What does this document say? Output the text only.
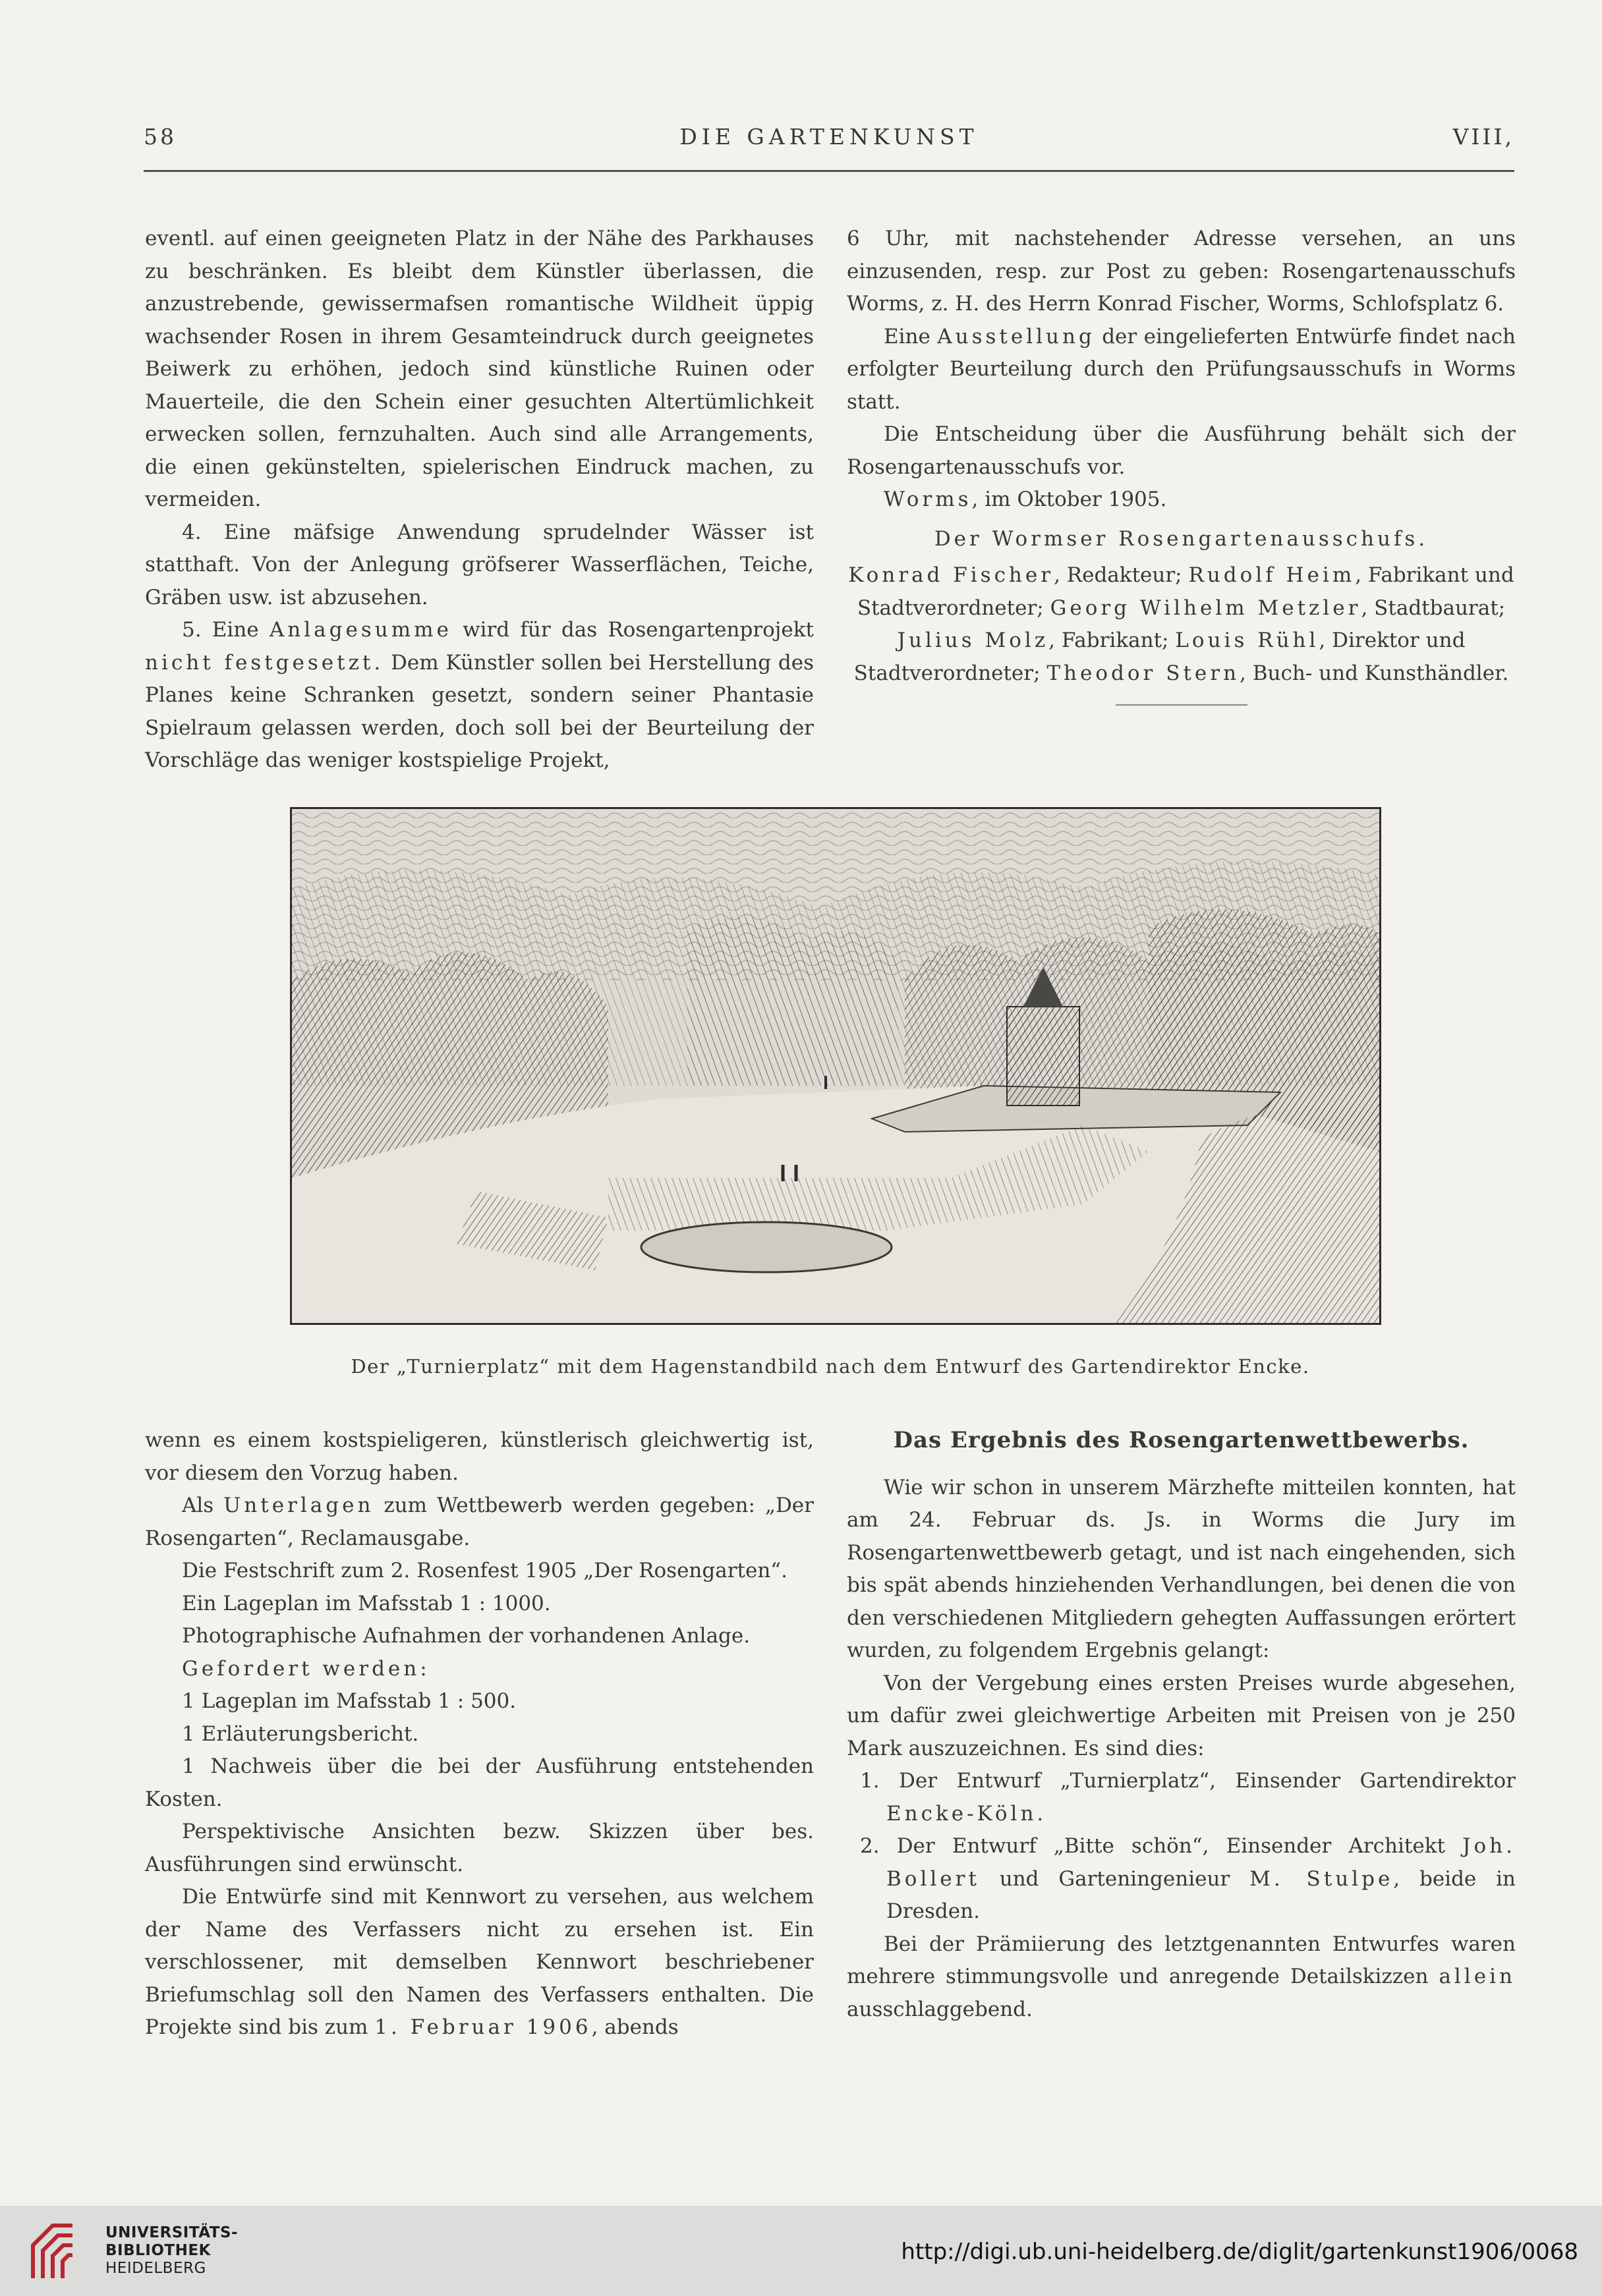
58	DIE GARTENKUNST	VIII,

eventl. auf einen geeigneten Platz in der Nähe des Parkhauses zu beschränken. Es bleibt dem Künstler überlassen, die anzustrebende, gewissermafsen romantische Wildheit üppig wachsender Rosen in ihrem Gesamteindruck durch geeignetes Beiwerk zu erhöhen, jedoch sind künstliche Ruinen oder Mauerteile, die den Schein einer gesuchten Altertümlichkeit erwecken sollen, fernzuhalten. Auch sind alle Arrangements, die einen gekünstelten, spielerischen Eindruck machen, zu vermeiden.

4. Eine mäfsige Anwendung sprudelnder Wässer ist statthaft. Von der Anlegung gröfserer Wasserflächen, Teiche, Gräben usw. ist abzusehen.

5. Eine Anlagesumme wird für das Rosengartenprojekt nicht festgesetzt. Dem Künstler sollen bei Herstellung des Planes keine Schranken gesetzt, sondern seiner Phantasie Spielraum gelassen werden, doch soll bei der Beurteilung der Vorschläge das weniger kostspielige Projekt,

6 Uhr, mit nachstehender Adresse versehen, an uns einzusenden, resp. zur Post zu geben: Rosengartenausschufs Worms, z. H. des Herrn Konrad Fischer, Worms, Schlofsplatz 6.

Eine Ausstellung der eingelieferten Entwürfe findet nach erfolgter Beurteilung durch den Prüfungsausschufs in Worms statt.

Die Entscheidung über die Ausführung behält sich der Rosengartenausschufs vor.

Worms, im Oktober 1905.

Der Wormser Rosengartenausschufs.

Konrad Fischer, Redakteur; Rudolf Heim, Fabrikant und Stadtverordneter; Georg Wilhelm Metzler, Stadtbaurat; Julius Molz, Fabrikant; Louis Rühl, Direktor und Stadtverordneter; Theodor Stern, Buch- und Kunsthändler.

Der „Turnierplatz“ mit dem Hagenstandbild nach dem Entwurf des Gartendirektor Encke.

wenn es einem kostspieligeren, künstlerisch gleichwertig ist, vor diesem den Vorzug haben.

Als Unterlagen zum Wettbewerb werden gegeben: „Der Rosengarten“, Reclamausgabe.

Die Festschrift zum 2. Rosenfest 1905 „Der Rosengarten“.

Ein Lageplan im Mafsstab 1 : 1000.

Photographische Aufnahmen der vorhandenen Anlage.

Gefordert werden:

1 Lageplan im Mafsstab 1 : 500.

1 Erläuterungsbericht.

1 Nachweis über die bei der Ausführung entstehenden Kosten.

Perspektivische Ansichten bezw. Skizzen über bes. Ausführungen sind erwünscht.

Die Entwürfe sind mit Kennwort zu versehen, aus welchem der Name des Verfassers nicht zu ersehen ist. Ein verschlossener, mit demselben Kennwort beschriebener Briefumschlag soll den Namen des Verfassers enthalten. Die Projekte sind bis zum 1. Februar 1906, abends

Das Ergebnis des Rosengartenwettbewerbs.

Wie wir schon in unserem Märzhefte mitteilen konnten, hat am 24. Februar ds. Js. in Worms die Jury im Rosengartenwettbewerb getagt, und ist nach eingehenden, sich bis spät abends hinziehenden Verhandlungen, bei denen die von den verschiedenen Mitgliedern gehegten Auffassungen erörtert wurden, zu folgendem Ergebnis gelangt:

Von der Vergebung eines ersten Preises wurde abgesehen, um dafür zwei gleichwertige Arbeiten mit Preisen von je 250 Mark auszuzeichnen. Es sind dies:

1. Der Entwurf „Turnierplatz“, Einsender Gartendirektor Encke-Köln.

2. Der Entwurf „Bitte schön“, Einsender Architekt Joh. Bollert und Garteningenieur M. Stulpe, beide in Dresden.

Bei der Prämiierung des letztgenannten Entwurfes waren mehrere stimmungsvolle und anregende Detailskizzen allein ausschlaggebend.

UNIVERSITÄTS-
BIBLIOTHEK
HEIDELBERG
http://digi.ub.uni-heidelberg.de/diglit/gartenkunst1906/0068
